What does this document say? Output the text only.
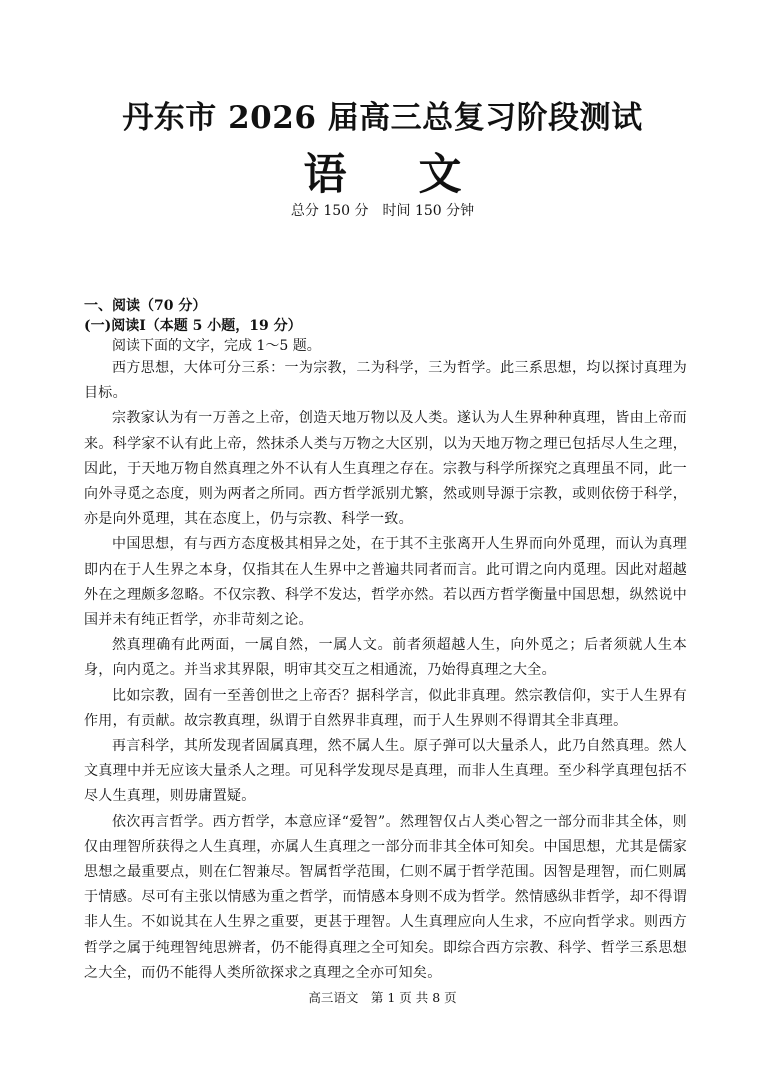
丹东市 2026 届高三总复习阶段测试
语文
总分 150 分　时间 150 分钟

一、阅读（70 分）

(一)阅读Ⅰ（本题 5 小题，19 分）

阅读下面的文字，完成 1～5 题。

西方思想，大体可分三系：一为宗教，二为科学，三为哲学。此三系思想，均以探讨真理为目标。

宗教家认为有一万善之上帝，创造天地万物以及人类。遂认为人生界种种真理，皆由上帝而来。科学家不认有此上帝，然抹杀人类与万物之大区别，以为天地万物之理已包括尽人生之理，因此，于天地万物自然真理之外不认有人生真理之存在。宗教与科学所探究之真理虽不同，此一向外寻觅之态度，则为两者之所同。西方哲学派别尤繁，然或则导源于宗教，或则依傍于科学，亦是向外觅理，其在态度上，仍与宗教、科学一致。

中国思想，有与西方态度极其相异之处，在于其不主张离开人生界而向外觅理，而认为真理即内在于人生界之本身，仅指其在人生界中之普遍共同者而言。此可谓之向内觅理。因此对超越外在之理颇多忽略。不仅宗教、科学不发达，哲学亦然。若以西方哲学衡量中国思想，纵然说中国并未有纯正哲学，亦非苛刻之论。

然真理确有此两面，一属自然，一属人文。前者须超越人生，向外觅之；后者须就人生本身，向内觅之。并当求其界限，明审其交互之相通流，乃始得真理之大全。

比如宗教，固有一至善创世之上帝否？据科学言，似此非真理。然宗教信仰，实于人生界有作用，有贡献。故宗教真理，纵谓于自然界非真理，而于人生界则不得谓其全非真理。

再言科学，其所发现者固属真理，然不属人生。原子弹可以大量杀人，此乃自然真理。然人文真理中并无应该大量杀人之理。可见科学发现尽是真理，而非人生真理。至少科学真理包括不尽人生真理，则毋庸置疑。

依次再言哲学。西方哲学，本意应译“爱智”。然理智仅占人类心智之一部分而非其全体，则仅由理智所获得之人生真理，亦属人生真理之一部分而非其全体可知矣。中国思想，尤其是儒家思想之最重要点，则在仁智兼尽。智属哲学范围，仁则不属于哲学范围。因智是理智，而仁则属于情感。尽可有主张以情感为重之哲学，而情感本身则不成为哲学。然情感纵非哲学，却不得谓非人生。不如说其在人生界之重要，更甚于理智。人生真理应向人生求，不应向哲学求。则西方哲学之属于纯理智纯思辨者，仍不能得真理之全可知矣。即综合西方宗教、科学、哲学三系思想之大全，而仍不能得人类所欲探求之真理之全亦可知矣。

高三语文　第 1 页 共 8 页
